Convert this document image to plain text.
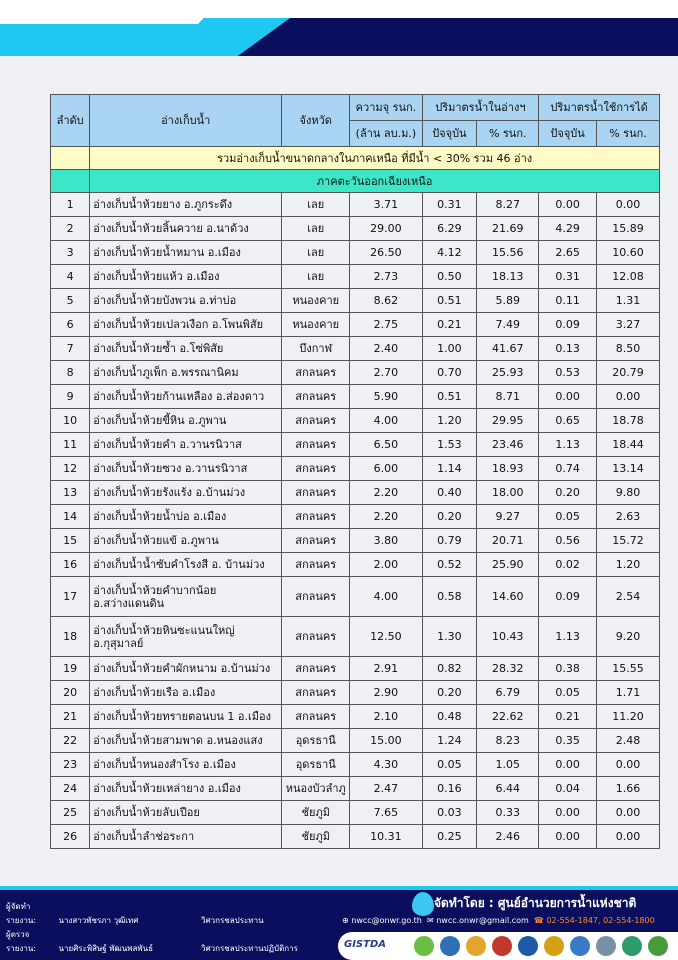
ลำดับ	อ่างเก็บน้ำ	จังหวัด	ความจุ รนก.	ปริมาตรน้ำในอ่างฯ		ปริมาตรน้ำใช้การได้	
			(ล้าน ลบ.ม.)	ปัจจุบัน	% รนก.	ปัจจุบัน	% รนก.
	รวมอ่างเก็บน้ำขนาดกลางในภาคเหนือ ที่มีน้ำ < 30% รวม 46 อ่าง						
	ภาคตะวันออกเฉียงเหนือ						
1	อ่างเก็บน้ำห้วยยาง อ.ภูกระดึง	เลย	3.71	0.31	8.27	0.00	0.00
2	อ่างเก็บน้ำห้วยลิ้นควาย อ.นาด้วง	เลย	29.00	6.29	21.69	4.29	15.89
3	อ่างเก็บน้ำห้วยน้ำหมาน อ.เมือง	เลย	26.50	4.12	15.56	2.65	10.60
4	อ่างเก็บน้ำห้วยแห้ว อ.เมือง	เลย	2.73	0.50	18.13	0.31	12.08
5	อ่างเก็บน้ำห้วยบังพวน อ.ท่าบ่อ	หนองคาย	8.62	0.51	5.89	0.11	1.31
6	อ่างเก็บน้ำห้วยเปลวเงือก อ.โพนพิสัย	หนองคาย	2.75	0.21	7.49	0.09	3.27
7	อ่างเก็บน้ำห้วยซ้ำ อ.โซ่พิสัย	บึงกาฬ	2.40	1.00	41.67	0.13	8.50
8	อ่างเก็บน้ำภูเพ็ก อ.พรรณานิคม	สกลนคร	2.70	0.70	25.93	0.53	20.79
9	อ่างเก็บน้ำห้วยก้านเหลือง อ.ส่องดาว	สกลนคร	5.90	0.51	8.71	0.00	0.00
10	อ่างเก็บน้ำห้วยขี้หิน อ.ภูพาน	สกลนคร	4.00	1.20	29.95	0.65	18.78
11	อ่างเก็บน้ำห้วยคำ อ.วานรนิวาส	สกลนคร	6.50	1.53	23.46	1.13	18.44
12	อ่างเก็บน้ำห้วยซวง อ.วานรนิวาส	สกลนคร	6.00	1.14	18.93	0.74	13.14
13	อ่างเก็บน้ำห้วยรังแร้ง อ.บ้านม่วง	สกลนคร	2.20	0.40	18.00	0.20	9.80
14	อ่างเก็บน้ำห้วยน้ำบ่อ อ.เมือง	สกลนคร	2.20	0.20	9.27	0.05	2.63
15	อ่างเก็บน้ำห้วยแข้ อ.ภูพาน	สกลนคร	3.80	0.79	20.71	0.56	15.72
16	อ่างเก็บน้ำน้ำซับคำโรงสี อ. บ้านม่วง	สกลนคร	2.00	0.52	25.90	0.02	1.20
17	อ่างเก็บน้ำห้วยคำบากน้อย อ.สว่างแดนดิน	สกลนคร	4.00	0.58	14.60	0.09	2.54
18	อ่างเก็บน้ำห้วยหินซะแนนใหญ่ อ.กุสุมาลย์	สกลนคร	12.50	1.30	10.43	1.13	9.20
19	อ่างเก็บน้ำห้วยคำผักหนาม อ.บ้านม่วง	สกลนคร	2.91	0.82	28.32	0.38	15.55
20	อ่างเก็บน้ำห้วยเรือ อ.เมือง	สกลนคร	2.90	0.20	6.79	0.05	1.71
21	อ่างเก็บน้ำห้วยทรายตอนบน 1 อ.เมือง	สกลนคร	2.10	0.48	22.62	0.21	11.20
22	อ่างเก็บน้ำห้วยสามพาด อ.หนองแสง	อุดรธานี	15.00	1.24	8.23	0.35	2.48
23	อ่างเก็บน้ำหนองสำโรง อ.เมือง	อุดรธานี	4.30	0.05	1.05	0.00	0.00
24	อ่างเก็บน้ำห้วยเหล่ายาง อ.เมือง	หนองบัวลำภู	2.47	0.16	6.44	0.04	1.66
25	อ่างเก็บน้ำห้วยลับเปือย	ชัยภูมิ	7.65	0.03	0.33	0.00	0.00
26	อ่างเก็บน้ำลำช่อระกา	ชัยภูมิ	10.31	0.25	2.46	0.00	0.00
ผู้จัดทำรายงาน:	นางสาวพัชรภา วุฒิเทศ	วิศวกรชลประทาน
ผู้ตรวจรายงาน:	นายศิระพิสิษฐ์ พัฒนพลพันธ์	วิศวกรชลประทานปฏิบัติการ
จัดทำโดย : ศูนย์อำนวยการน้ำแห่งชาติ
⊕ nwcc@onwr.go.th ✉ nwcc.onwr@gmail.com ☎ 02-554-1847, 02-554-1800
GISTDA
